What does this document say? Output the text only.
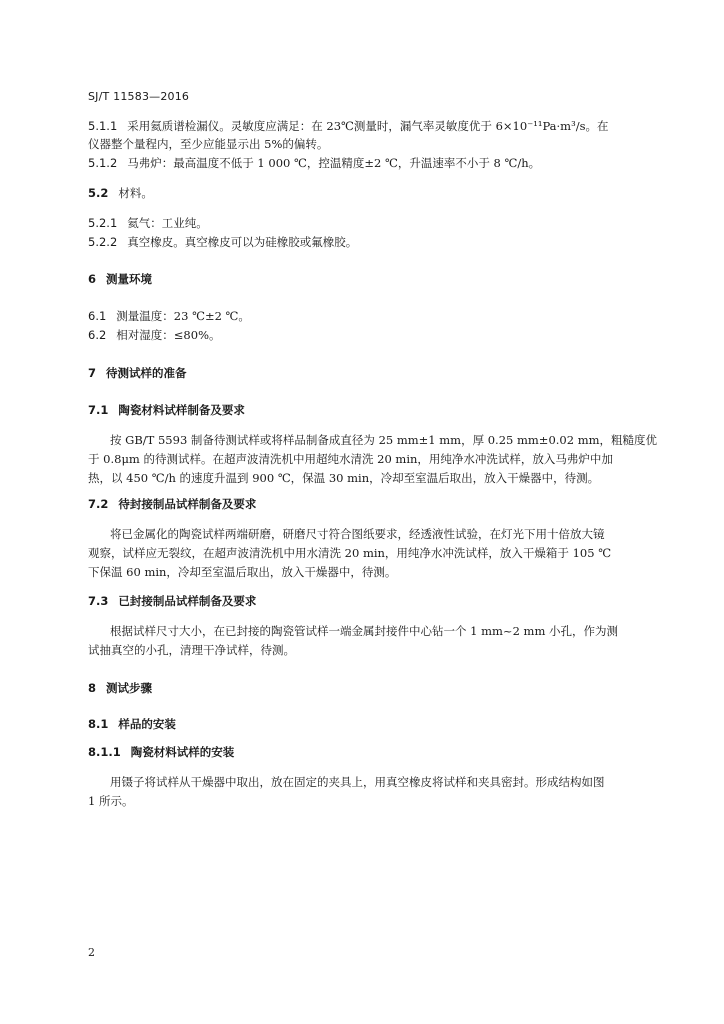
SJ/T 11583—2016
5.1.1 采用氦质谱检漏仪。灵敏度应满足：在 23℃测量时，漏气率灵敏度优于 6×10⁻¹¹Pa·m³/s。在
仪器整个量程内，至少应能显示出 5%的偏转。
5.1.2 马弗炉：最高温度不低于 1 000 ℃，控温精度±2 ℃，升温速率不小于 8 ℃/h。
5.2 材料。
5.2.1 氦气：工业纯。
5.2.2 真空橡皮。真空橡皮可以为硅橡胶或氟橡胶。
6 测量环境
6.1 测量温度：23 ℃±2 ℃。
6.2 相对湿度：≤80%。
7 待测试样的准备
7.1 陶瓷材料试样制备及要求
按 GB/T 5593 制备待测试样或将样品制备成直径为 25 mm±1 mm，厚 0.25 mm±0.02 mm，粗糙度优
于 0.8μm 的待测试样。在超声波清洗机中用超纯水清洗 20 min，用纯净水冲洗试样，放入马弗炉中加
热，以 450 ℃/h 的速度升温到 900 ℃，保温 30 min，冷却至室温后取出，放入干燥器中，待测。
7.2 待封接制品试样制备及要求
将已金属化的陶瓷试样两端研磨，研磨尺寸符合图纸要求，经透液性试验，在灯光下用十倍放大镜
观察，试样应无裂纹，在超声波清洗机中用水清洗 20 min，用纯净水冲洗试样，放入干燥箱于 105 ℃
下保温 60 min，冷却至室温后取出，放入干燥器中，待测。
7.3 已封接制品试样制备及要求
根据试样尺寸大小，在已封接的陶瓷管试样一端金属封接件中心钻一个 1 mm~2 mm 小孔，作为测
试抽真空的小孔，清理干净试样，待测。
8 测试步骤
8.1 样品的安装
8.1.1 陶瓷材料试样的安装
用镊子将试样从干燥器中取出，放在固定的夹具上，用真空橡皮将试样和夹具密封。形成结构如图
1 所示。
2
